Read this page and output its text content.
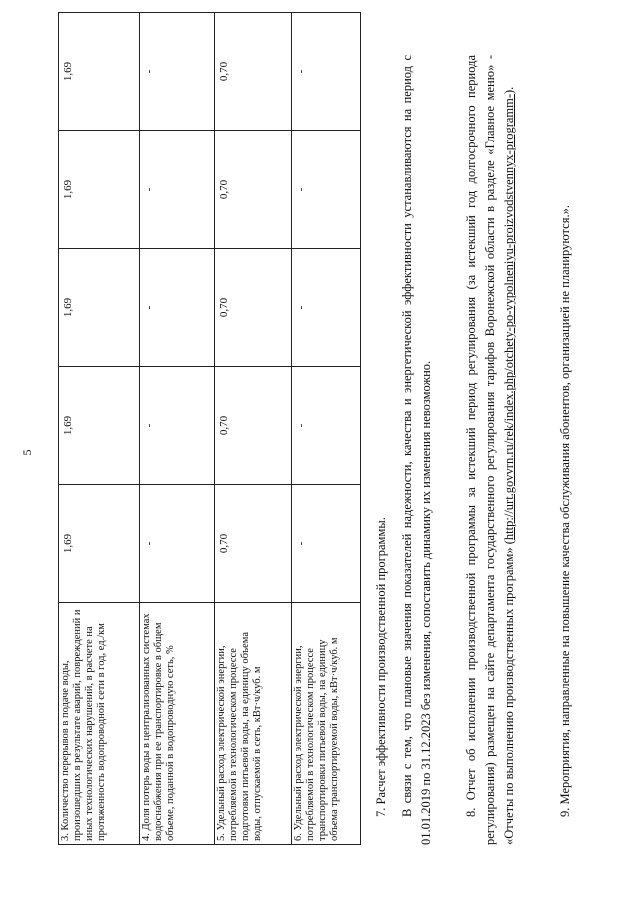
5
3. Количество перерывов в подаче воды, произошедших в результате аварий, повреждений и иных технологических нарушений, в расчете на протяженность водопроводной сети в год, ед./км	1,69	1,69	1,69	1,69	1,69
4. Доля потерь воды в централизованных системах водоснабжения при ее транспортировке в общем объеме, поданной в водопроводную сеть, %	-	-	-	-	-
5. Удельный расход электрической энергии, потребляемой в технологическом процессе подготовки питьевой воды, на единицу объема воды, отпускаемой в сеть, кВт·ч/куб. м	0,70	0,70	0,70	0,70	0,70
6. Удельный расход электрической энергии, потребляемой в технологическом процессе транспортировки питьевой воды, на единицу объема транспортируемой воды, кВт·ч/куб. м	-	-	-	-	-
7. Расчет эффективности производственной программы. В связи с тем, что плановые значения показателей надежности, качества и энергетической эффективности устанавливаются на период с 01.01.2019 по 31.12.2023 без изменения, сопоставить динамику их изменения невозможно. 8. Отчет об исполнении производственной программы за истекший период регулирования (за истекший год долгосрочного периода регулирования) размещен на сайте департамента государственного регулирования тарифов Воронежской области в разделе «Главное меню» - «Отчеты по выполнению производственных программ» (http://urt.govvrn.ru/rek/index.php/otchety-po-vypolneniyu-proizvodstvennyx-programm-).
9. Мероприятия, направленные на повышение качества обслуживания абонентов, организацией не планируются.».
